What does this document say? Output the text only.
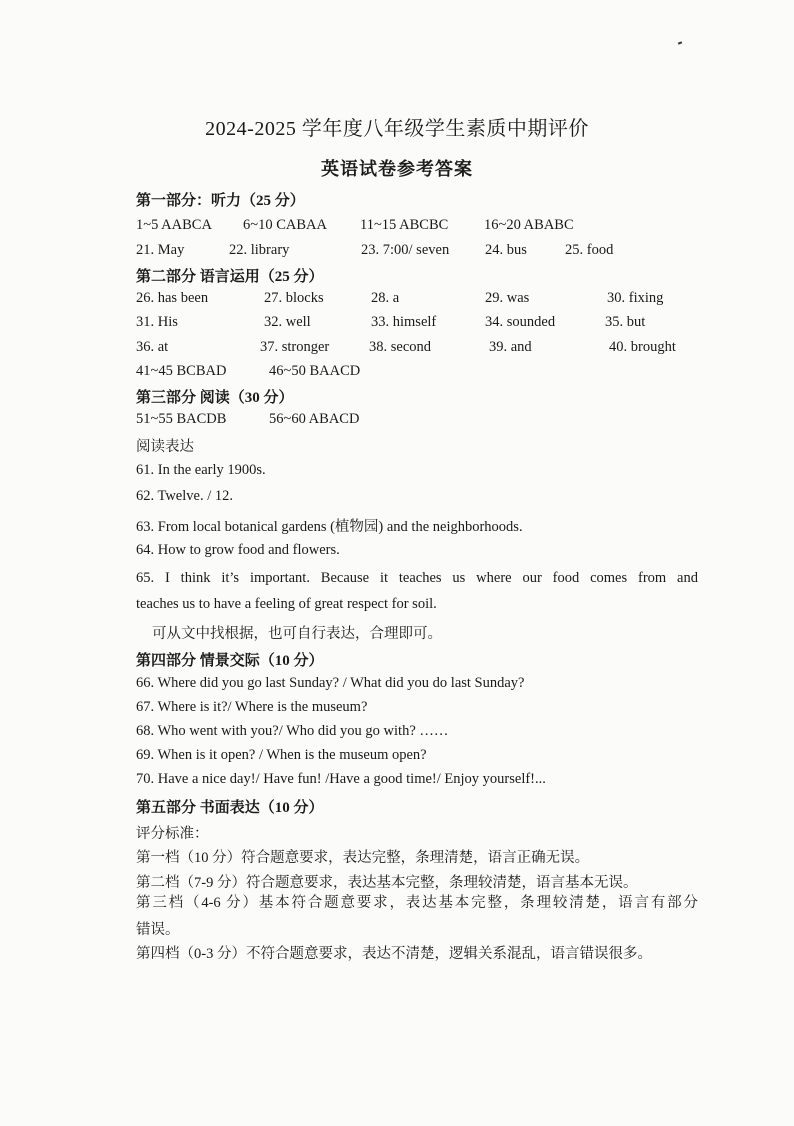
2024-2025 学年度八年级学生素质中期评价
英语试卷参考答案
第一部分：听力（25 分）
1~5 AABCA 6~10 CABAA 11~15 ABCBC 16~20 ABABC
21. May	22. library	23. 7:00/ seven 24. bus	25. food
第二部分 语言运用（25 分）
26. has been	27. blocks	28. a	29. was	30. fixing
31. His	32. well	33. himself	34. sounded	35. but
36. at	37. stronger	38. second	39. and	40. brought
41~45 BCBAD	46~50 BAACD
第三部分 阅读（30 分）
51~55 BACDB	56~60 ABACD
阅读表达
61. In the early 1900s.
62. Twelve. / 12.
63. From local botanical gardens (植物园) and the neighborhoods.
64. How to grow food and flowers.
65. I think it’s important. Because it teaches us where our food comes from and
teaches us to have a feeling of great respect for soil.
可从文中找根据，也可自行表达，合理即可。
第四部分 情景交际（10 分）
66. Where did you go last Sunday? / What did you do last Sunday?
67. Where is it?/ Where is the museum?
68. Who went with you?/ Who did you go with? ……
69. When is it open? / When is the museum open?
70. Have a nice day!/ Have fun! /Have a good time!/ Enjoy yourself!...
第五部分 书面表达（10 分）
评分标准：
第一档（10 分）符合题意要求，表达完整，条理清楚，语言正确无误。
第二档（7-9 分）符合题意要求，表达基本完整，条理较清楚，语言基本无误。
第三档（4-6 分）基本符合题意要求，表达基本完整，条理较清楚，语言有部分
错误。
第四档（0-3 分）不符合题意要求，表达不清楚，逻辑关系混乱，语言错误很多。
